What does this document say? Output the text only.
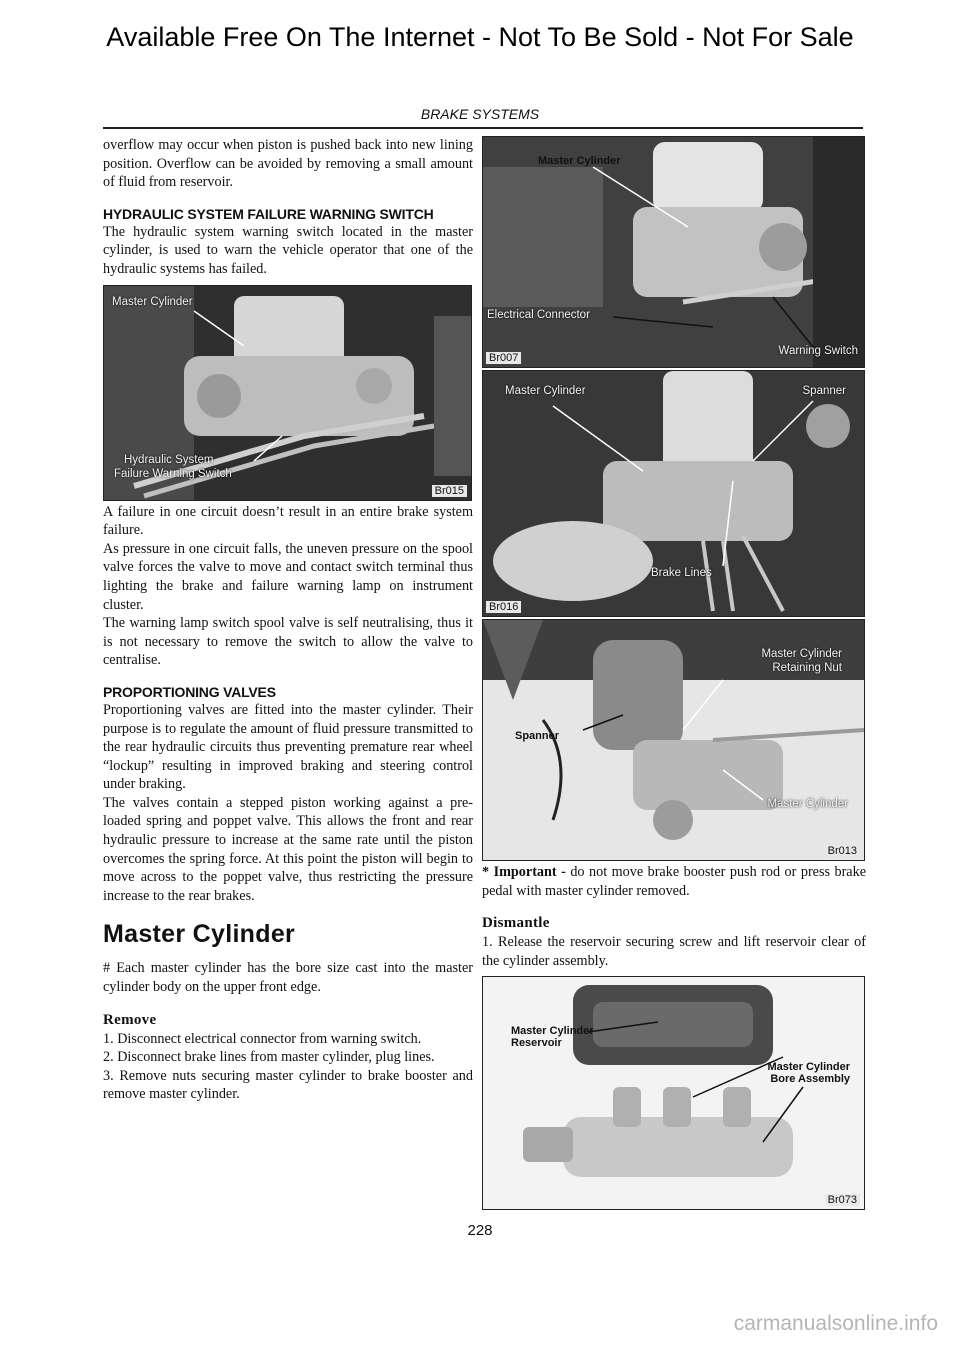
Available Free On The Internet - Not To Be Sold - Not For Sale
BRAKE SYSTEMS

overflow may occur when piston is pushed back into new lining position. Overflow can be avoided by removing a small amount of fluid from reservoir.

HYDRAULIC SYSTEM FAILURE WARNING SWITCH

The hydraulic system warning switch located in the master cylinder, is used to warn the vehicle operator that one of the hydraulic systems has failed.

Master Cylinder
Hydraulic System
Failure Warning Switch
Br015

A failure in one circuit doesn’t result in an entire brake system failure.

As pressure in one circuit falls, the uneven pressure on the spool valve forces the valve to move and contact switch terminal thus lighting the brake and failure warning lamp on instrument cluster.

The warning lamp switch spool valve is self neutralising, thus it is not necessary to remove the switch to allow the valve to centralise.

PROPORTIONING VALVES

Proportioning valves are fitted into the master cylinder. Their purpose is to regulate the amount of fluid pressure transmitted to the rear hydraulic circuits thus preventing premature rear wheel “lockup” resulting in improved braking and steering control under braking.

The valves contain a stepped piston working against a pre-loaded spring and poppet valve. This allows the front and rear hydraulic pressure to increase at the same rate until the piston overcomes the spring force. At this point the piston will begin to move across to the poppet valve, thus restricting the pressure increase to the rear brakes.

Master Cylinder

# Each master cylinder has the bore size cast into the master cylinder body on the upper front edge.

Remove

1. Disconnect electrical connector from warning switch.

2. Disconnect brake lines from master cylinder, plug lines.

3. Remove nuts securing master cylinder to brake booster and remove master cylinder.

Master Cylinder
Electrical Connector
Warning Switch
Br007
Master Cylinder	Spanner
Brake Lines
Br016
Master Cylinder
Retaining Nut
Spanner
Master Cylinder
Br013

* Important - do not move brake booster push rod or press brake pedal with master cylinder removed.

Dismantle

1. Release the reservoir securing screw and lift reservoir clear of the cylinder assembly.

Master Cylinder
Reservoir
Master Cylinder
Bore Assembly
Br073
228
carmanualsonline.info
